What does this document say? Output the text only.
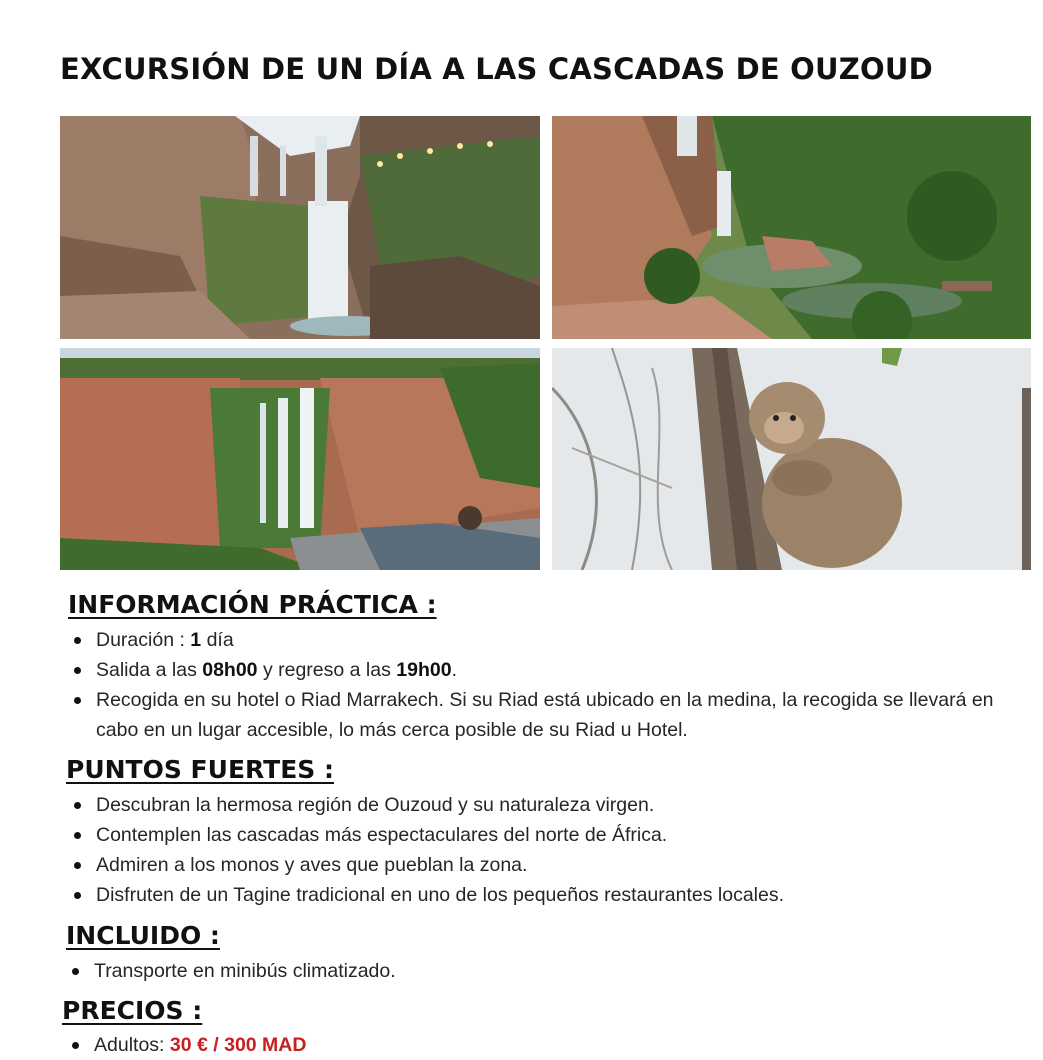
EXCURSIÓN DE UN DÍA A LAS CASCADAS DE OUZOUD
INFORMACIÓN PRÁCTICA :
Duración : 1 día
Salida a las 08h00 y regreso a las 19h00.
Recogida en su hotel o Riad Marrakech. Si su Riad está ubicado en la medina, la recogida se llevará en cabo en un lugar accesible, lo más cerca posible de su Riad u Hotel.
PUNTOS FUERTES :
Descubran la hermosa región de Ouzoud y su naturaleza virgen.
Contemplen las cascadas más espectaculares del norte de África.
Admiren a los monos y aves que pueblan la zona.
Disfruten de un Tagine tradicional en uno de los pequeños restaurantes locales.
INCLUIDO :
Transporte en minibús climatizado.
PRECIOS :
Adultos: 30 € / 300 MAD
